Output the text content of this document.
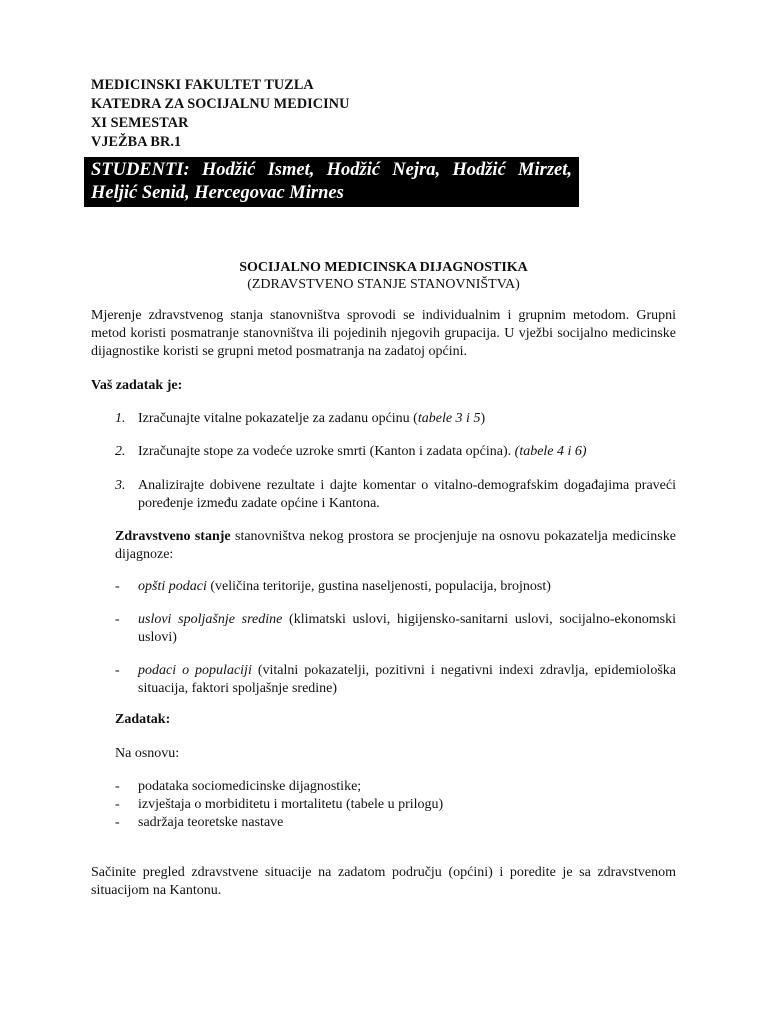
MEDICINSKI FAKULTET TUZLA
KATEDRA ZA SOCIJALNU MEDICINU
XI SEMESTAR
VJEŽBA BR.1
STUDENTI: Hodžić Ismet, Hodžić Nejra, Hodžić Mirzet, Heljić Senid, Hercegovac Mirnes
SOCIJALNO MEDICINSKA DIJAGNOSTIKA
(ZDRAVSTVENO STANJE STANOVNIŠTVA)
Mjerenje zdravstvenog stanja stanovništva sprovodi se individualnim i grupnim metodom. Grupni metod koristi posmatranje stanovništva ili pojedinih njegovih grupacija. U vježbi socijalno medicinske dijagnostike koristi se grupni metod posmatranja na zadatoj općini.
Vaš zadatak je:
1. Izračunajte vitalne pokazatelje za zadanu općinu (tabele 3 i 5)
2. Izračunajte stope za vodeće uzroke smrti (Kanton i zadata općina). (tabele 4 i 6)
3. Analizirajte dobivene rezultate i dajte komentar o vitalno-demografskim događajima praveći poređenje između zadate općine i Kantona.
Zdravstveno stanje stanovništva nekog prostora se procjenjuje na osnovu pokazatelja medicinske dijagnoze:
- opšti podaci (veličina teritorije, gustina naseljenosti, populacija, brojnost)
- uslovi spoljašnje sredine (klimatski uslovi, higijensko-sanitarni uslovi, socijalno-ekonomski uslovi)
- podaci o populaciji (vitalni pokazatelji, pozitivni i negativni indexi zdravlja, epidemiološka situacija, faktori spoljašnje sredine)
Zadatak:
Na osnovu:
- podataka sociomedicinske dijagnostike;
- izvještaja o morbiditetu i mortalitetu (tabele u prilogu)
- sadržaja teoretske nastave
Sačinite pregled zdravstvene situacije na zadatom području (općini) i poredite je sa zdravstvenom situacijom na Kantonu.
